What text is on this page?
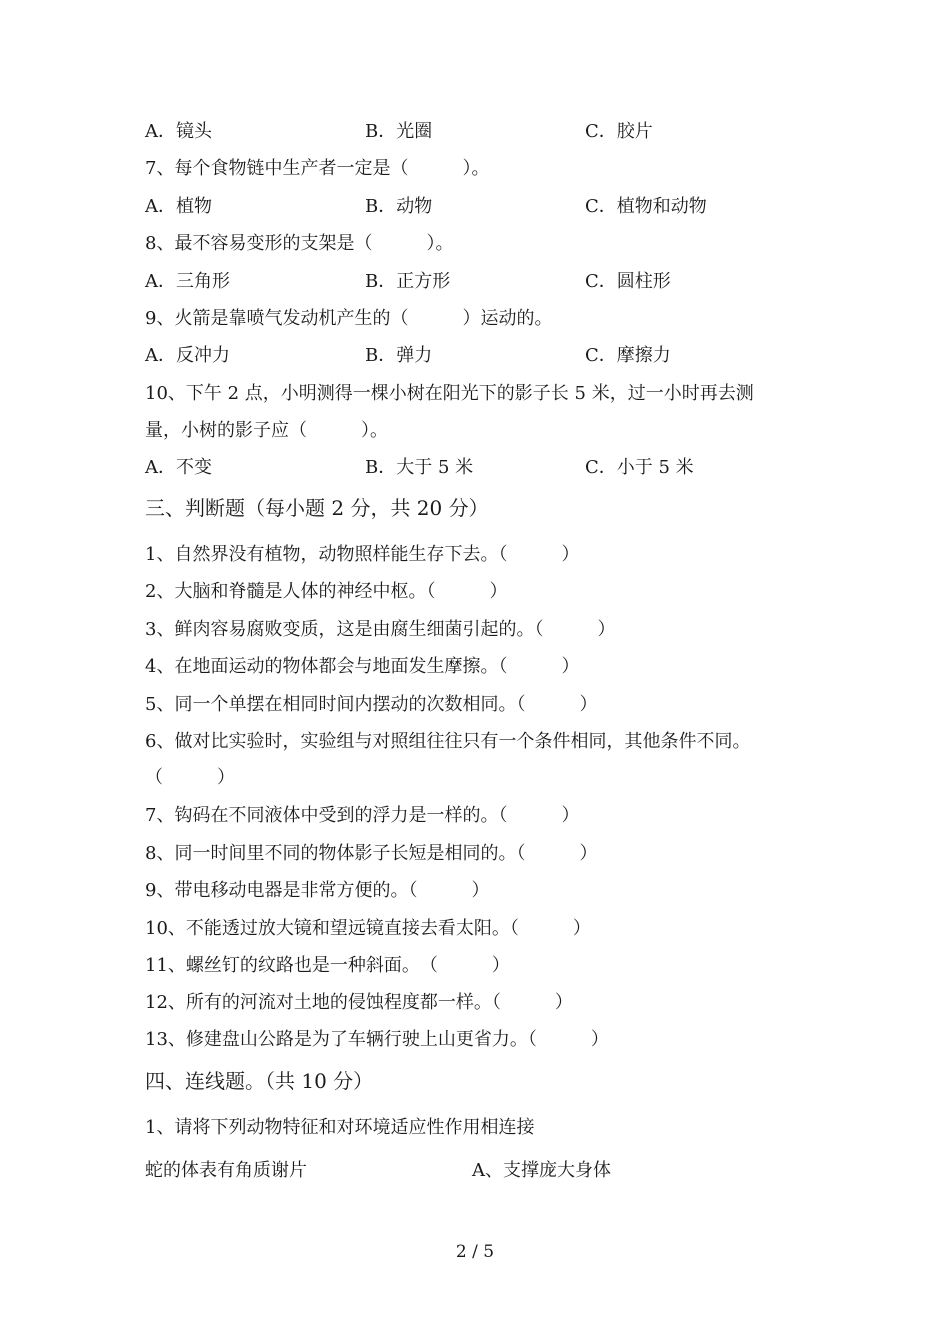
A．镜头	B．光圈	C．胶片
7、每个食物链中生产者一定是（　　　）。
A．植物	B．动物	C．植物和动物
8、最不容易变形的支架是（　　　）。
A．三角形	B．正方形	C．圆柱形
9、火箭是靠喷气发动机产生的（　　　）运动的。
A．反冲力	B．弹力	C．摩擦力
10、下午 2 点，小明测得一棵小树在阳光下的影子长 5 米，过一小时再去测
量，小树的影子应（　　　）。
A．不变	B．大于 5 米	C．小于 5 米
三、判断题（每小题 2 分，共 20 分）
1、自然界没有植物，动物照样能生存下去。（　　　）
2、大脑和脊髓是人体的神经中枢。（　　　）
3、鲜肉容易腐败变质，这是由腐生细菌引起的。（　　　）
4、在地面运动的物体都会与地面发生摩擦。（　　　）
5、同一个单摆在相同时间内摆动的次数相同。（　　　）
6、做对比实验时，实验组与对照组往往只有一个条件相同，其他条件不同。
（　　　）
7、钩码在不同液体中受到的浮力是一样的。（　　　）
8、同一时间里不同的物体影子长短是相同的。（　　　）
9、带电移动电器是非常方便的。（　　　）
10、不能透过放大镜和望远镜直接去看太阳。（　　　）
11、螺丝钉的纹路也是一种斜面。　（　　　）
12、所有的河流对土地的侵蚀程度都一样。（　　　）
13、修建盘山公路是为了车辆行驶上山更省力。（　　　）
四、连线题。（共 10 分）
1、请将下列动物特征和对环境适应性作用相连接
蛇的体表有角质谢片	A、支撑庞大身体
2 / 5
